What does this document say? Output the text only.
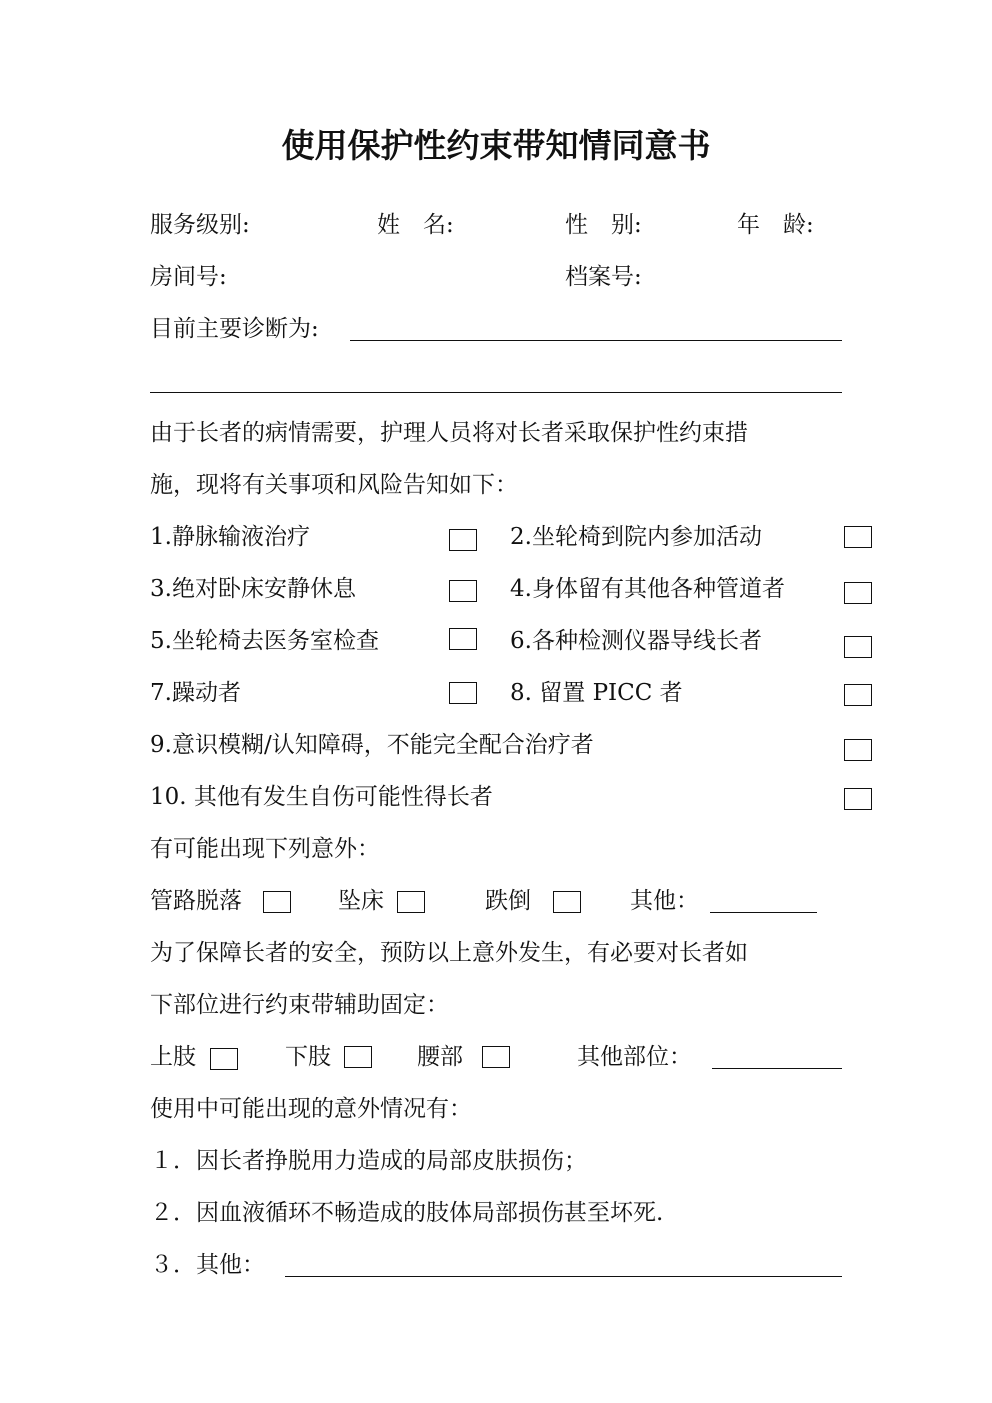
使用保护性约束带知情同意书
服务级别:	姓　名:	性　别:	年　龄:
房间号:	档案号:
目前主要诊断为:
由于长者的病情需要，护理人员将对长者采取保护性约束措
施，现将有关事项和风险告知如下：
1.静脉输液治疗	2.坐轮椅到院内参加活动
3.绝对卧床安静休息	4.身体留有其他各种管道者
5.坐轮椅去医务室检查	6.各种检测仪器导线长者
7.躁动者	8. 留置 PICC 者
9.意识模糊/认知障碍，不能完全配合治疗者
10. 其他有发生自伤可能性得长者
有可能出现下列意外：
管路脱落	坠床	跌倒	其他：
为了保障长者的安全，预防以上意外发生，有必要对长者如
下部位进行约束带辅助固定：
上肢	下肢	腰部	其他部位：
使用中可能出现的意外情况有：
１．因长者挣脱用力造成的局部皮肤损伤；
２．因血液循环不畅造成的肢体局部损伤甚至坏死.
３．其他：
